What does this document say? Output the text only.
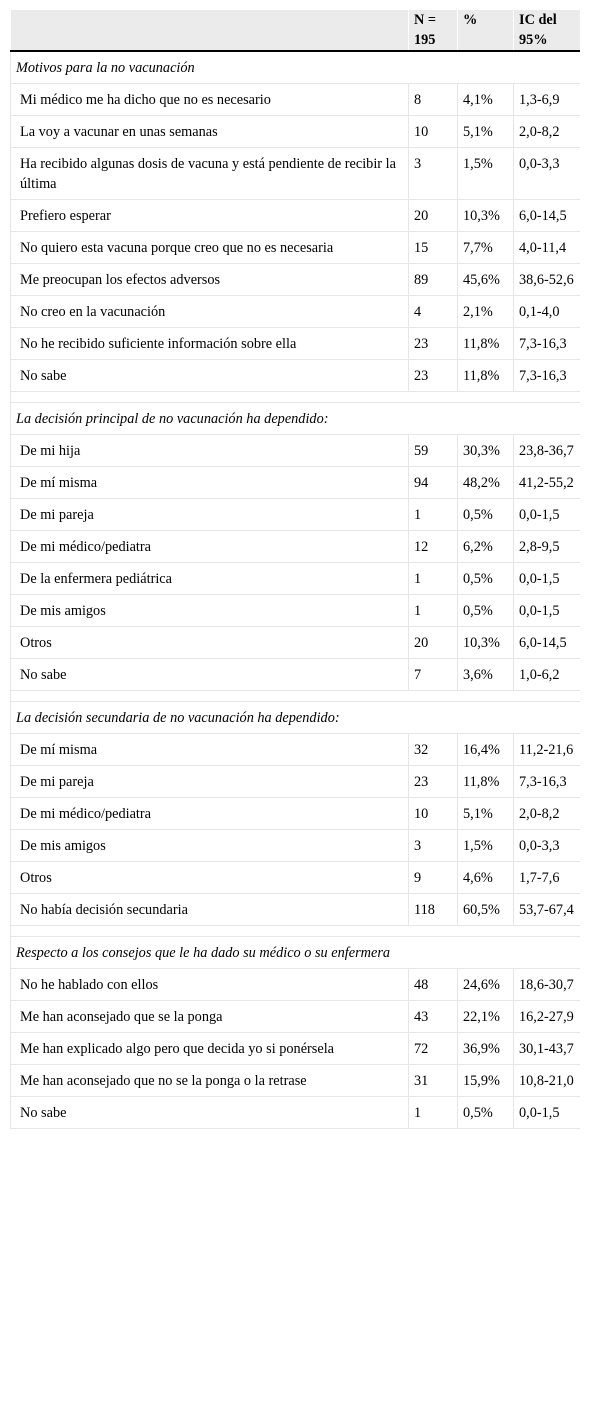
	N = 195	%	IC del 95%
Motivos para la no vacunación			
Mi médico me ha dicho que no es necesario	8	4,1%	1,3-6,9
La voy a vacunar en unas semanas	10	5,1%	2,0-8,2
Ha recibido algunas dosis de vacuna y está pendiente de recibir la última	3	1,5%	0,0-3,3
Prefiero esperar	20	10,3%	6,0-14,5
No quiero esta vacuna porque creo que no es necesaria	15	7,7%	4,0-11,4
Me preocupan los efectos adversos	89	45,6%	38,6-52,6
No creo en la vacunación	4	2,1%	0,1-4,0
No he recibido suficiente información sobre ella	23	11,8%	7,3-16,3
No sabe	23	11,8%	7,3-16,3

La decisión principal de no vacunación ha dependido:			
De mi hija	59	30,3%	23,8-36,7
De mí misma	94	48,2%	41,2-55,2
De mi pareja	1	0,5%	0,0-1,5
De mi médico/pediatra	12	6,2%	2,8-9,5
De la enfermera pediátrica	1	0,5%	0,0-1,5
De mis amigos	1	0,5%	0,0-1,5
Otros	20	10,3%	6,0-14,5
No sabe	7	3,6%	1,0-6,2

La decisión secundaria de no vacunación ha dependido:			
De mí misma	32	16,4%	11,2-21,6
De mi pareja	23	11,8%	7,3-16,3
De mi médico/pediatra	10	5,1%	2,0-8,2
De mis amigos	3	1,5%	0,0-3,3
Otros	9	4,6%	1,7-7,6
No había decisión secundaria	118	60,5%	53,7-67,4

Respecto a los consejos que le ha dado su médico o su enfermera			
No he hablado con ellos	48	24,6%	18,6-30,7
Me han aconsejado que se la ponga	43	22,1%	16,2-27,9
Me han explicado algo pero que decida yo si ponérsela	72	36,9%	30,1-43,7
Me han aconsejado que no se la ponga o la retrase	31	15,9%	10,8-21,0
No sabe	1	0,5%	0,0-1,5
